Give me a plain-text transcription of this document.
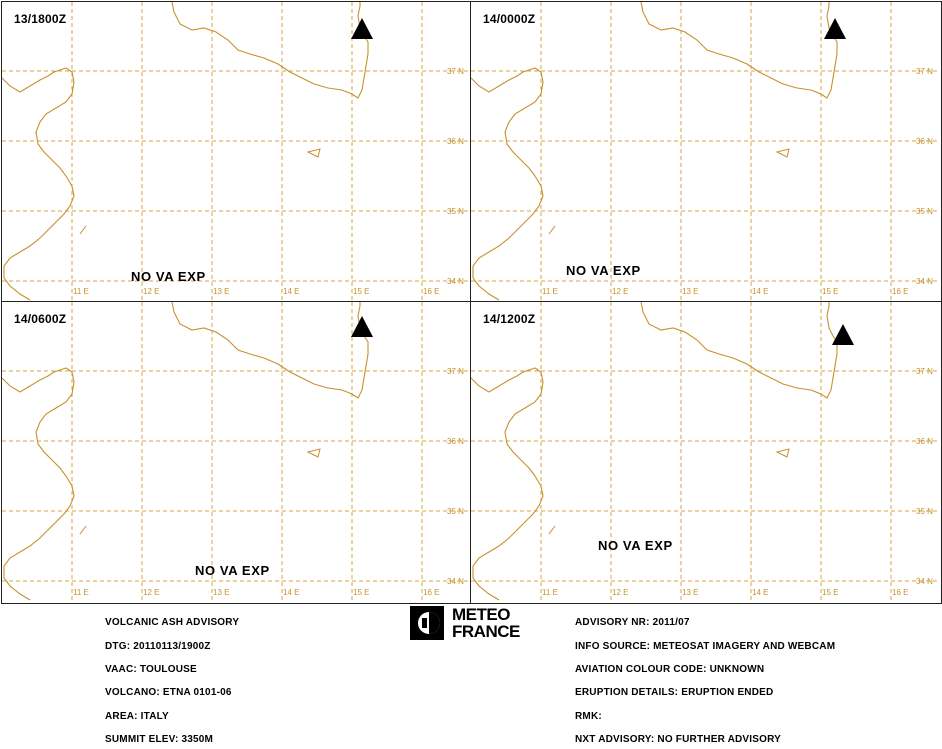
11 E	12 E	13 E	14 E	15 E	16 E
37 N
36 N
35 N
34 N
13/1800Z
NO VA EXP
11 E	12 E	13 E	14 E	15 E	16 E
37 N
36 N
35 N
34 N
14/0000Z
NO VA EXP
11 E	12 E	13 E	14 E	15 E	16 E
37 N
36 N
35 N
34 N
14/0600Z
NO VA EXP
11 E	12 E	13 E	14 E	15 E	16 E
37 N
36 N
35 N
34 N
14/1200Z
NO VA EXP
METEO
FRANCE
VOLCANIC ASH ADVISORY
DTG: 20110113/1900Z
VAAC: TOULOUSE
VOLCANO: ETNA 0101-06
AREA: ITALY
SUMMIT ELEV: 3350M
ADVISORY NR: 2011/07
INFO SOURCE: METEOSAT IMAGERY AND WEBCAM
AVIATION COLOUR CODE: UNKNOWN
ERUPTION DETAILS: ERUPTION ENDED
RMK:
NXT ADVISORY: NO FURTHER ADVISORY
